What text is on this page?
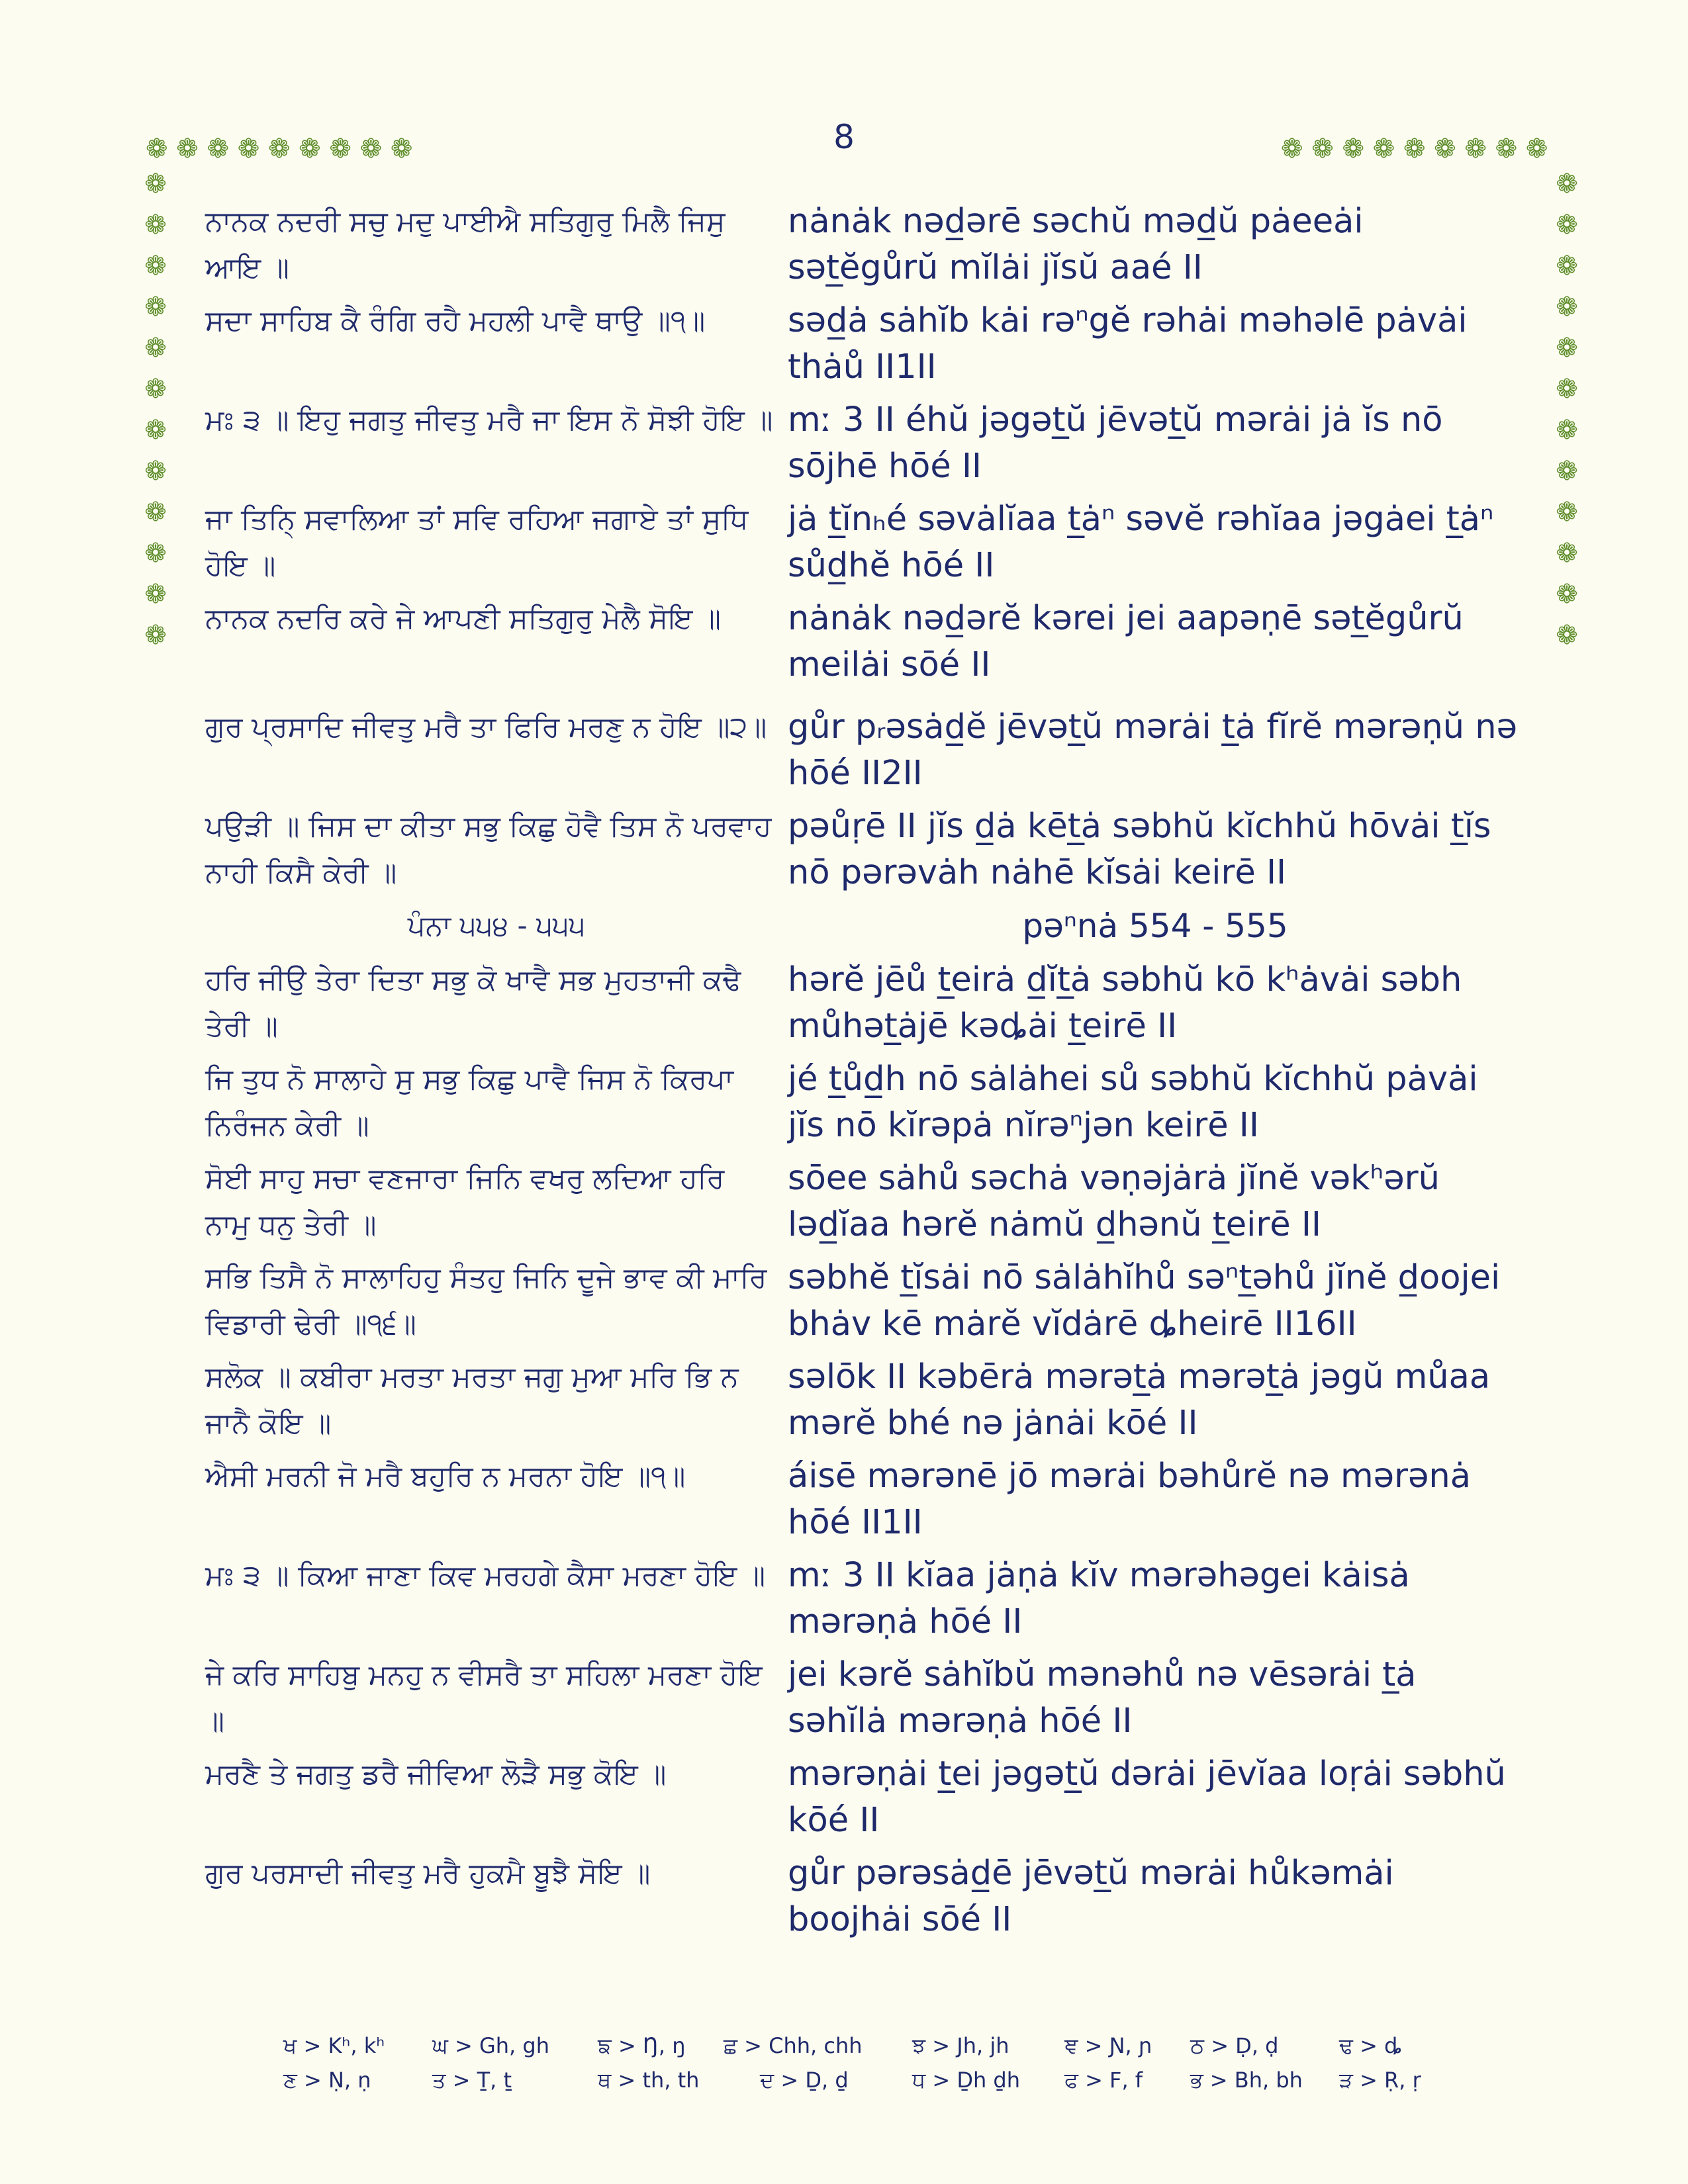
8
❁ ❁ ❁ ❁ ❁ ❁ ❁ ❁ ❁	❁ ❁ ❁ ❁ ❁ ❁ ❁ ❁ ❁
❁
❁
❁
❁
❁
❁
❁
❁
❁
❁
❁
❁
❁
❁
❁
❁
❁
❁
❁
❁
❁
❁
❁
❁
ਨਾਨਕ ਨਦਰੀ ਸਚੁ ਮਦੁ ਪਾਈਐ ਸਤਿਗੁਰੁ ਮਿਲੈ ਜਿਸੁ ਆਇ ॥
nȧnȧk nəd̲ərē səchŭ məd̲ŭ pȧeeȧi sət̲ĕgůrŭ mĭlȧi jĭsŭ aaé II
ਸਦਾ ਸਾਹਿਬ ਕੈ ਰੰਗਿ ਰਹੈ ਮਹਲੀ ਪਾਵੈ ਥਾਉ ॥੧॥	səd̲ȧ sȧhĭb kȧi rəⁿgĕ rəhȧi məhəlē pȧvȧi thȧů II1II
ਮਃ ੩ ॥ ਇਹੁ ਜਗਤੁ ਜੀਵਤੁ ਮਰੈ ਜਾ ਇਸ ਨੋ ਸੋਝੀ ਹੋਇ ॥ mː 3 II éhŭ jəgət̲ŭ jēvət̲ŭ mərȧi jȧ ĭs nō sōjhē hōé II
ਜਾ ਤਿਨਿ੍ ਸਵਾਲਿਆ ਤਾਂ ਸਵਿ ਰਹਿਆ ਜਗਾਏ ਤਾਂ ਸੁਧਿ ਹੋਇ ॥
jȧ t̲ĭnₕé səvȧlĭaa t̲ȧⁿ səvĕ rəhĭaa jəgȧei t̲ȧⁿ sůd̲hĕ hōé II
ਨਾਨਕ ਨਦਰਿ ਕਰੇ ਜੇ ਆਪਣੀ ਸਤਿਗੁਰੁ ਮੇਲੈ ਸੋਇ ॥	nȧnȧk nəd̲ərĕ kərei jei aapəṇē sət̲ĕgůrŭ meilȧi sōé II
ਗੁਰ ਪ੍ਰਸਾਦਿ ਜੀਵਤੁ ਮਰੈ ਤਾ ਫਿਰਿ ਮਰਣੁ ਨ ਹੋਇ ॥੨॥ gůr pᵣəsȧd̲ĕ jēvət̲ŭ mərȧi t̲ȧ fĭrĕ mərəṇŭ nə hōé II2II
ਪਉੜੀ ॥ ਜਿਸ ਦਾ ਕੀਤਾ ਸਭੁ ਕਿਛੁ ਹੋਵੈ ਤਿਸ ਨੋ ਪਰਵਾਹ ਨਾਹੀ ਕਿਸੈ ਕੇਰੀ ॥
pəůṛē II jĭs d̲ȧ kēt̲ȧ səbhŭ kĭchhŭ hōvȧi t̲ĭs nō pərəvȧh nȧhē kĭsȧi keirē II
ਪੰਨਾ ੫੫੪ - ੫੫੫	pəⁿnȧ 554 - 555
ਹਰਿ ਜੀਉ ਤੇਰਾ ਦਿਤਾ ਸਭੁ ਕੋ ਖਾਵੈ ਸਭ ਮੁਹਤਾਜੀ ਕਢੈ ਤੇਰੀ ॥
hərĕ jēů t̲eirȧ d̲ĭt̲ȧ səbhŭ kō kʰȧvȧi səbh můhət̲ȧjē kəȡȧi t̲eirē II
ਜਿ ਤੁਧ ਨੋ ਸਾਲਾਹੇ ਸੁ ਸਭੁ ਕਿਛੁ ਪਾਵੈ ਜਿਸ ਨੋ ਕਿਰਪਾ ਨਿਰੰਜਨ ਕੇਰੀ ॥
jé t̲ůd̲h nō sȧlȧhei sů səbhŭ kĭchhŭ pȧvȧi jĭs nō kĭrəpȧ nĭrəⁿjən keirē II
ਸੋਈ ਸਾਹੁ ਸਚਾ ਵਣਜਾਰਾ ਜਿਨਿ ਵਖਰੁ ਲਦਿਆ ਹਰਿ ਨਾਮੁ ਧਨੁ ਤੇਰੀ ॥
sōee sȧhů səchȧ vəṇəjȧrȧ jĭnĕ vəkʰərŭ ləd̲ĭaa hərĕ nȧmŭ d̲hənŭ t̲eirē II
ਸਭਿ ਤਿਸੈ ਨੋ ਸਾਲਾਹਿਹੁ ਸੰਤਹੁ ਜਿਨਿ ਦੂਜੇ ਭਾਵ ਕੀ ਮਾਰਿ ਵਿਡਾਰੀ ਢੇਰੀ ॥੧੬॥
səbhĕ t̲ĭsȧi nō sȧlȧhĭhů səⁿt̲əhů jĭnĕ d̲oojei bhȧv kē mȧrĕ vĭdȧrē ȡheirē II16II
ਸਲੋਕ ॥ ਕਬੀਰਾ ਮਰਤਾ ਮਰਤਾ ਜਗੁ ਮੁਆ ਮਰਿ ਭਿ ਨ ਜਾਨੈ ਕੋਇ ॥
səlōk II kəbērȧ mərət̲ȧ mərət̲ȧ jəgŭ můaa mərĕ bhé nə jȧnȧi kōé II
ਐਸੀ ਮਰਨੀ ਜੋ ਮਰੈ ਬਹੁਰਿ ਨ ਮਰਨਾ ਹੋਇ ॥੧॥	áisē mərənē jō mərȧi bəhůrĕ nə mərənȧ hōé II1II
ਮਃ ੩ ॥ ਕਿਆ ਜਾਣਾ ਕਿਵ ਮਰਹਗੇ ਕੈਸਾ ਮਰਣਾ ਹੋਇ ॥ mː 3 II kĭaa jȧṇȧ kĭv mərəhəgei kȧisȧ mərəṇȧ hōé II
ਜੇ ਕਰਿ ਸਾਹਿਬੁ ਮਨਹੁ ਨ ਵੀਸਰੈ ਤਾ ਸਹਿਲਾ ਮਰਣਾ ਹੋਇ ॥
jei kərĕ sȧhĭbŭ mənəhů nə vēsərȧi t̲ȧ səhĭlȧ mərəṇȧ hōé II
ਮਰਣੈ ਤੇ ਜਗਤੁ ਡਰੈ ਜੀਵਿਆ ਲੋੜੈ ਸਭੁ ਕੋਇ ॥	mərəṇȧi t̲ei jəgət̲ŭ dərȧi jēvĭaa loṛȧi səbhŭ kōé II
ਗੁਰ ਪਰਸਾਦੀ ਜੀਵਤੁ ਮਰੈ ਹੁਕਮੈ ਬੂਝੈ ਸੋਇ ॥	gůr pərəsȧd̲ē jēvət̲ŭ mərȧi hůkəmȧi boojhȧi sōé II
ਖ > Kʰ, kʰ	ਘ > Gh, gh	ਙ > Ŋ, ŋ	ਛ > Chh, chh	ਝ > Jh, jh	ਞ > Ɲ, ɲ	ਠ > Ḍ, ḍ	ਢ > ȡ
ਣ > Ṇ, ṇ	ਤ > Ṯ, ṯ	ਥ > th, th	ਦ > Ḏ, ḏ	ਧ > Ḏh ḏh	ਫ > F, f	ਭ > Bh, bh	ੜ > Ṛ, ṛ
